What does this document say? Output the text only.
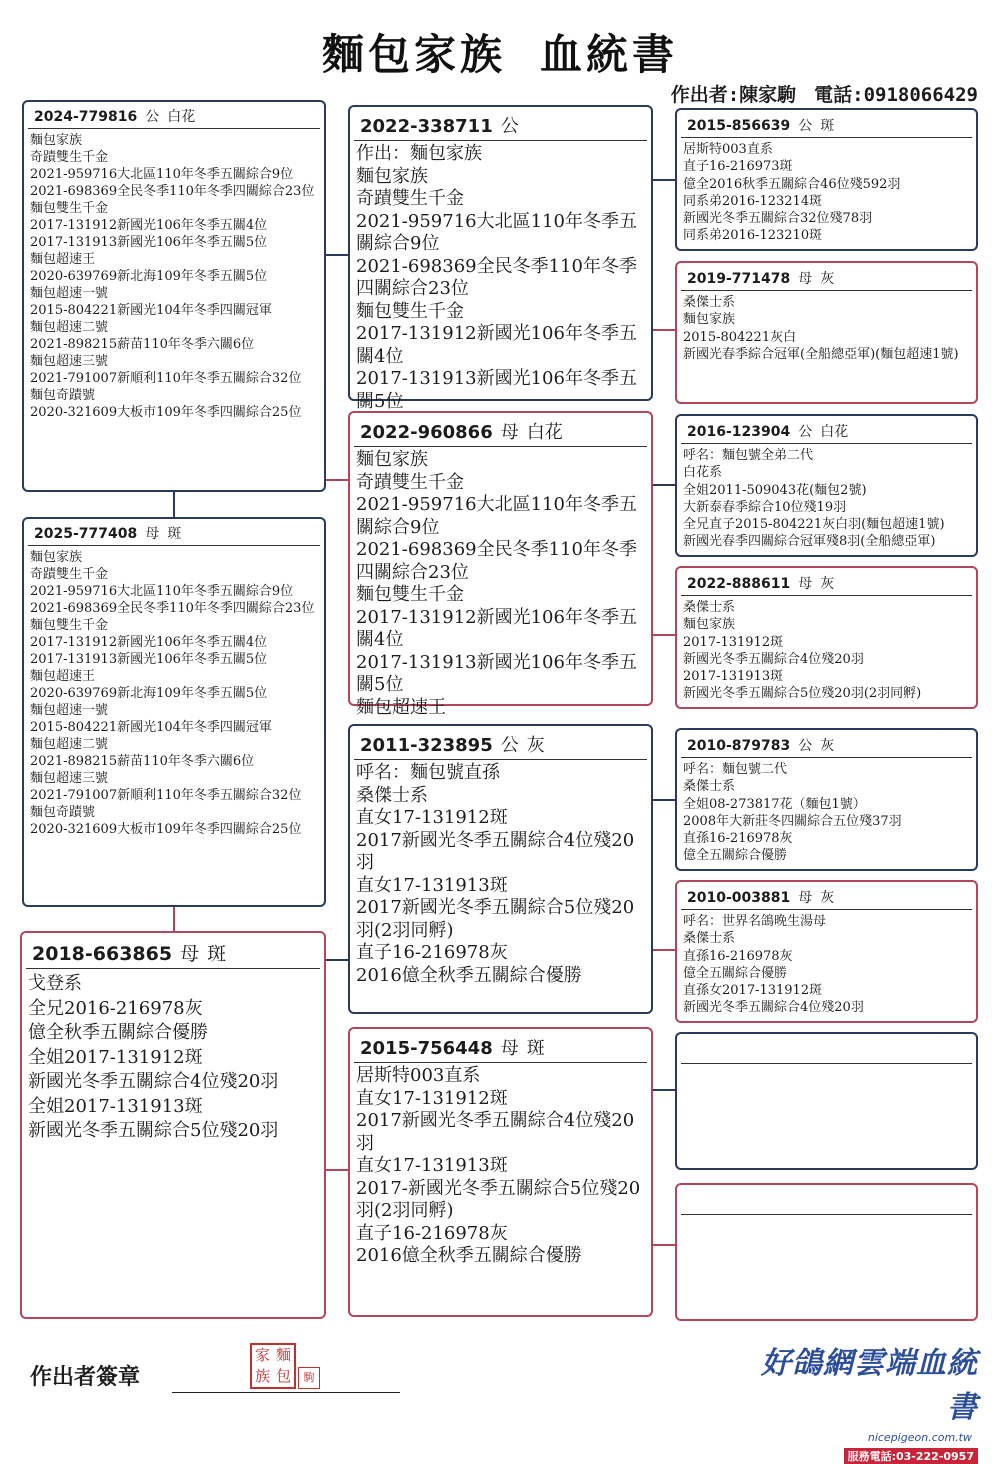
麵包家族 血統書
作出者:陳家駒 電話:0918066429
2024-779816 公 白花
麵包家族
奇蹟雙生千金
2021-959716大北區110年冬季五關綜合9位
2021-698369全民冬季110年冬季四關綜合23位
麵包雙生千金
2017-131912新國光106年冬季五關4位
2017-131913新國光106年冬季五關5位
麵包超速王
2020-639769新北海109年冬季五關5位
麵包超速一號
2015-804221新國光104年冬季四關冠軍
麵包超速二號
2021-898215薪苗110年冬季六關6位
麵包超速三號
2021-791007新順利110年冬季五關綜合32位
麵包奇蹟號
2020-321609大板市109年冬季四關綜合25位
2025-777408 母 斑
麵包家族
奇蹟雙生千金
2021-959716大北區110年冬季五關綜合9位
2021-698369全民冬季110年冬季四關綜合23位
麵包雙生千金
2017-131912新國光106年冬季五關4位
2017-131913新國光106年冬季五關5位
麵包超速王
2020-639769新北海109年冬季五關5位
麵包超速一號
2015-804221新國光104年冬季四關冠軍
麵包超速二號
2021-898215薪苗110年冬季六關6位
麵包超速三號
2021-791007新順利110年冬季五關綜合32位
麵包奇蹟號
2020-321609大板市109年冬季四關綜合25位
2018-663865 母 斑
戈登系
全兄2016-216978灰
億全秋季五關綜合優勝
全姐2017-131912斑
新國光冬季五關綜合4位殘20羽
全姐2017-131913斑
新國光冬季五關綜合5位殘20羽
2022-338711 公
作出：麵包家族
麵包家族
奇蹟雙生千金
2021-959716大北區110年冬季五關綜合9位
2021-698369全民冬季110年冬季四關綜合23位
麵包雙生千金
2017-131912新國光106年冬季五關4位
2017-131913新國光106年冬季五關5位
2022-960866 母 白花
麵包家族
奇蹟雙生千金
2021-959716大北區110年冬季五關綜合9位
2021-698369全民冬季110年冬季四關綜合23位
麵包雙生千金
2017-131912新國光106年冬季五關4位
2017-131913新國光106年冬季五關5位
麵包超速王
2011-323895 公 灰
呼名：麵包號直孫
桑傑士系
直女17-131912斑
2017新國光冬季五關綜合4位殘20羽
直女17-131913斑
2017新國光冬季五關綜合5位殘20羽(2羽同孵)
直子16-216978灰
2016億全秋季五關綜合優勝
2015-756448 母 斑
居斯特003直系
直女17-131912斑
2017新國光冬季五關綜合4位殘20羽
直女17-131913斑
2017-新國光冬季五關綜合5位殘20羽(2羽同孵)
直子16-216978灰
2016億全秋季五關綜合優勝
2015-856639 公 斑
居斯特003直系
直子16-216973斑
億全2016秋季五關綜合46位殘592羽
同系弟2016-123214斑
新國光冬季五關綜合32位殘78羽
同系弟2016-123210斑
2019-771478 母 灰
桑傑士系
麵包家族
2015-804221灰白
新國光春季綜合冠軍(全船總亞軍)(麵包超速1號)
2016-123904 公 白花
呼名：麵包號全弟二代
白花系
全姐2011-509043花(麵包2號)
大新泰春季綜合10位殘19羽
全兄直子2015-804221灰白羽(麵包超速1號)
新國光春季四關綜合冠軍殘8羽(全船總亞軍)
2022-888611 母 灰
桑傑士系
麵包家族
2017-131912斑
新國光冬季五關綜合4位殘20羽
2017-131913斑
新國光冬季五關綜合5位殘20羽(2羽同孵)
2010-879783 公 灰
呼名：麵包號二代
桑傑士系
全姐08-273817花（麵包1號）
2008年大新莊冬四關綜合五位殘37羽
直孫16-216978灰
億全五關綜合優勝
2010-003881 母 灰
呼名：世界名鴿晚生湯母
桑傑士系
直孫16-216978灰
億全五關綜合優勝
直孫女2017-131912斑
新國光冬季五關綜合4位殘20羽
作出者簽章
家 麵
族 包	駒	好鴿網雲端血統書
nicepigeon.com.tw服務電話:03-222-0957
